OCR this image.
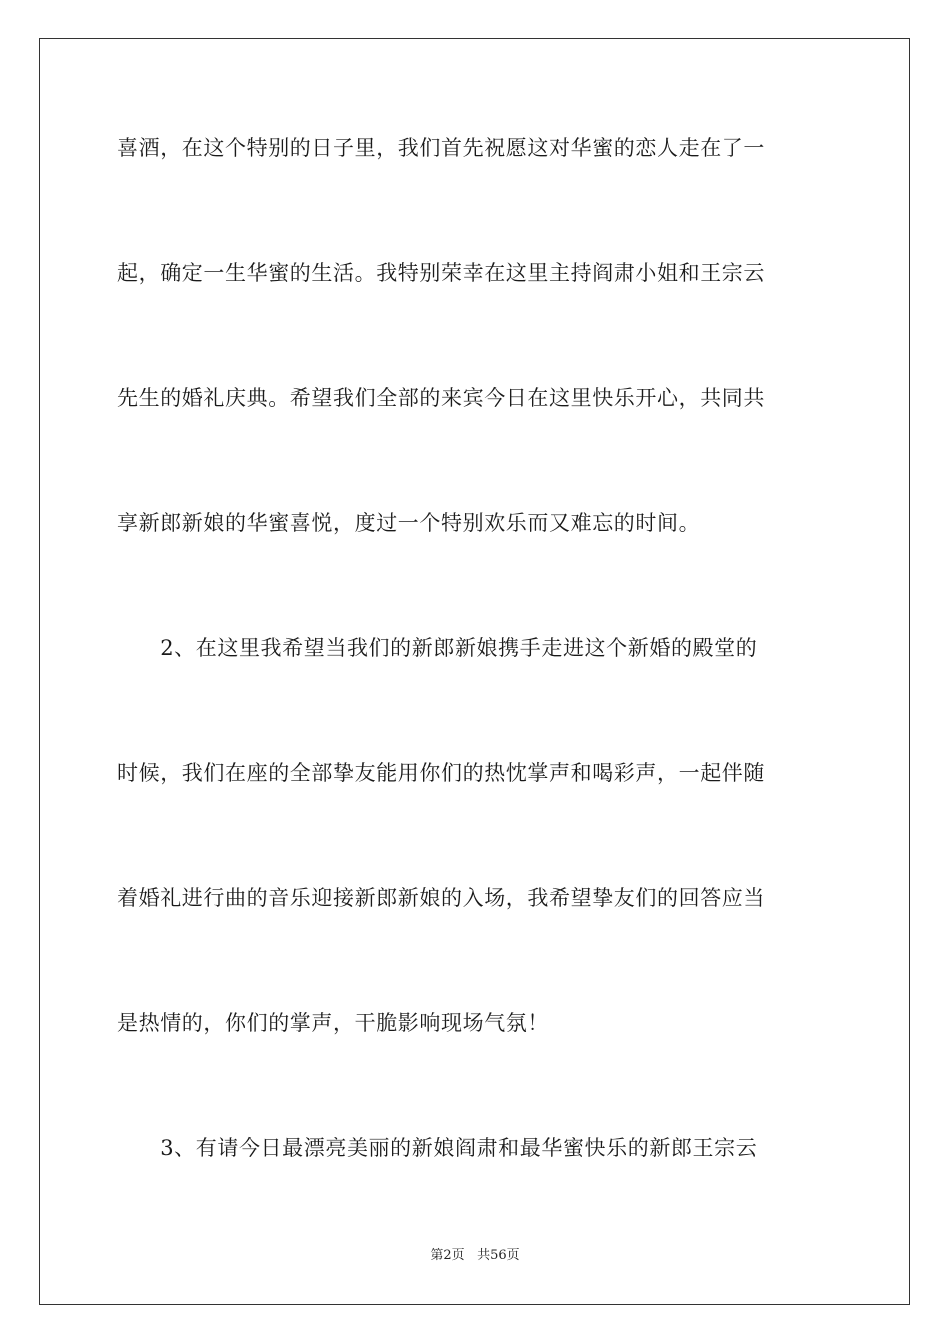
喜酒，在这个特别的日子里，我们首先祝愿这对华蜜的恋人走在了一
起，确定一生华蜜的生活。我特别荣幸在这里主持阎肃小姐和王宗云
先生的婚礼庆典。希望我们全部的来宾今日在这里快乐开心，共同共
享新郎新娘的华蜜喜悦，度过一个特别欢乐而又难忘的时间。
　　2、在这里我希望当我们的新郎新娘携手走进这个新婚的殿堂的
时候，我们在座的全部挚友能用你们的热忱掌声和喝彩声，一起伴随
着婚礼进行曲的音乐迎接新郎新娘的入场，我希望挚友们的回答应当
是热情的，你们的掌声，干脆影响现场气氛！
　　3、有请今日最漂亮美丽的新娘阎肃和最华蜜快乐的新郎王宗云
第2页 共56页
